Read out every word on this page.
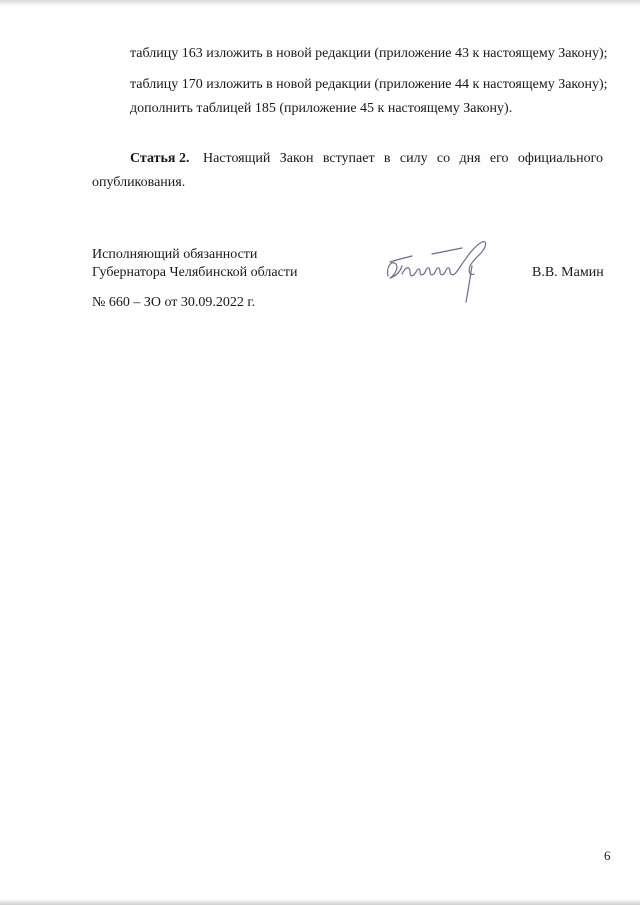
таблицу 163 изложить в новой редакции (приложение 43 к настоящему Закону);
таблицу 170 изложить в новой редакции (приложение 44 к настоящему Закону);
дополнить таблицей 185 (приложение 45 к настоящему Закону).
Статья 2. Настоящий Закон вступает в силу со дня его официального
опубликования.
Исполняющий обязанности
Губернатора Челябинской области	В.В. Мамин
№ 660 – ЗО от 30.09.2022 г.
6
